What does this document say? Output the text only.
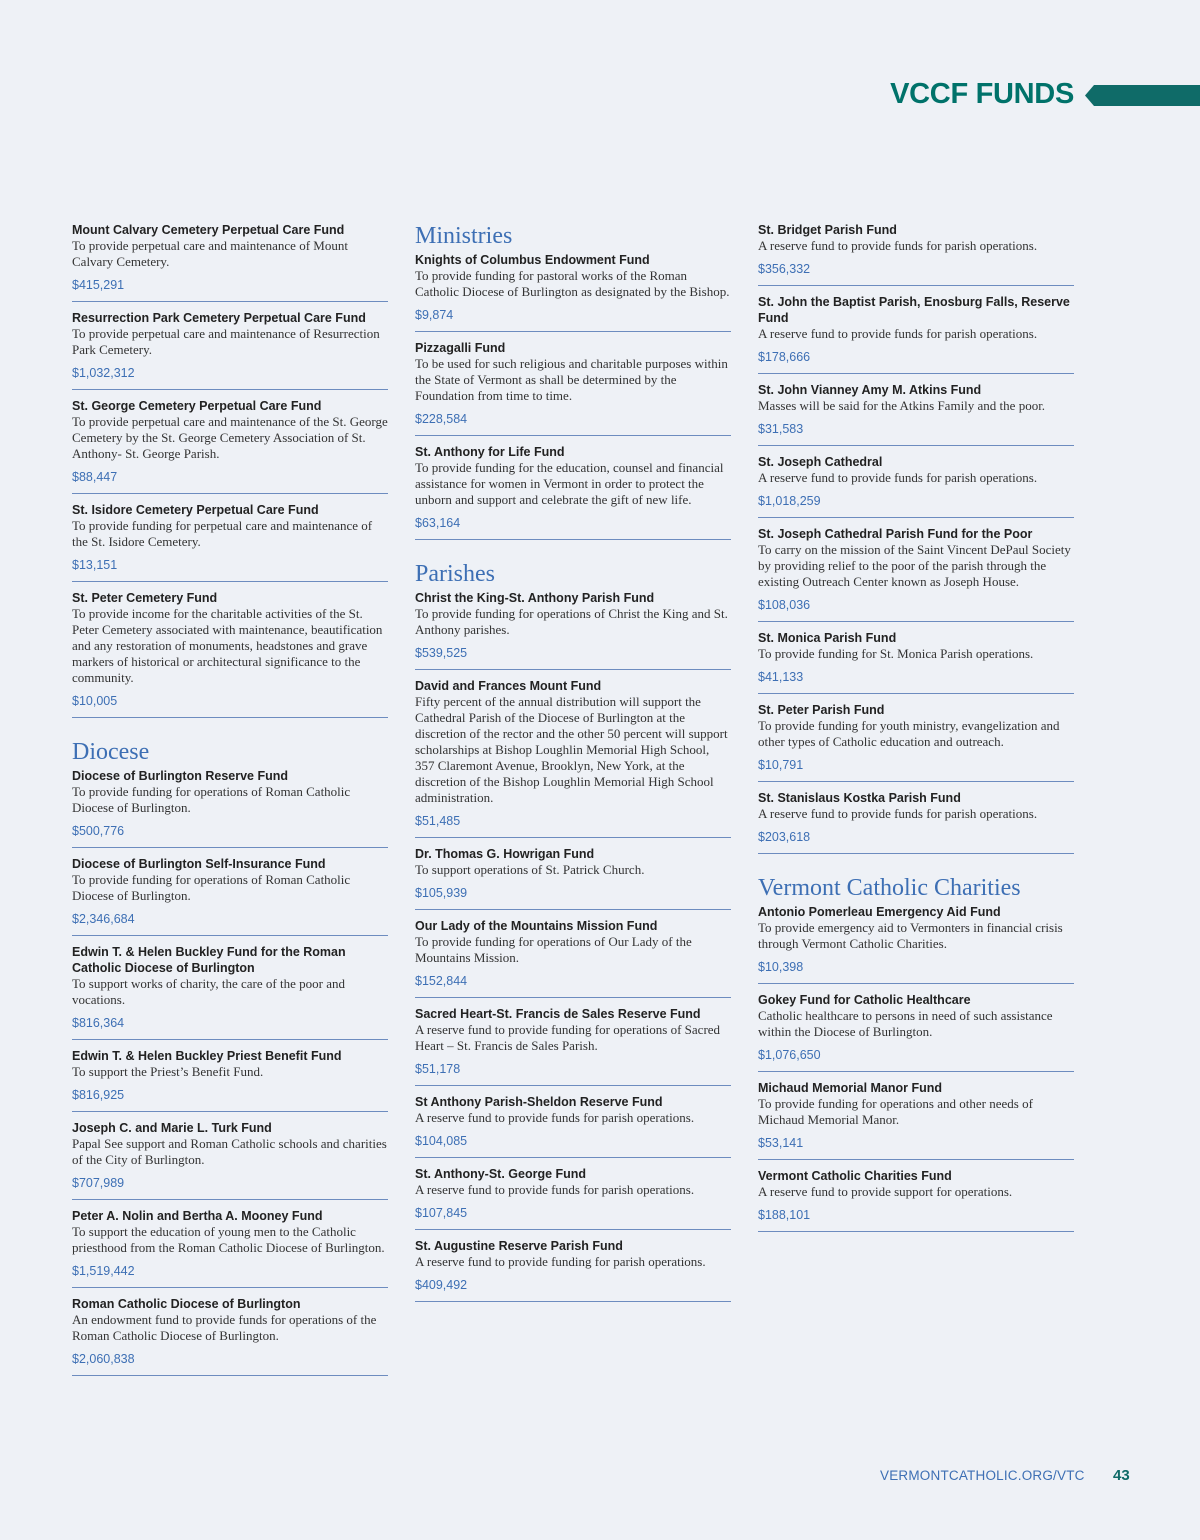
VCCF FUNDS
Mount Calvary Cemetery Perpetual Care Fund
To provide perpetual care and maintenance of Mount Calvary Cemetery.
$415,291
Resurrection Park Cemetery Perpetual Care Fund
To provide perpetual care and maintenance of Resurrection Park Cemetery.
$1,032,312
St. George Cemetery Perpetual Care Fund
To provide perpetual care and maintenance of the St. George Cemetery by the St. George Cemetery Association of St. Anthony- St. George Parish.
$88,447
St. Isidore Cemetery Perpetual Care Fund
To provide funding for perpetual care and maintenance of the St. Isidore Cemetery.
$13,151
St. Peter Cemetery Fund
To provide income for the charitable activities of the St. Peter Cemetery associated with maintenance, beautification and any restoration of monuments, headstones and grave markers of historical or architectural significance to the community.
$10,005
Diocese
Diocese of Burlington Reserve Fund
To provide funding for operations of Roman Catholic Diocese of Burlington.
$500,776
Diocese of Burlington Self-Insurance Fund
To provide funding for operations of Roman Catholic Diocese of Burlington.
$2,346,684
Edwin T. & Helen Buckley Fund for the Roman Catholic Diocese of Burlington
To support works of charity, the care of the poor and vocations.
$816,364
Edwin T. & Helen Buckley Priest Benefit Fund
To support the Priest’s Benefit Fund.
$816,925
Joseph C. and Marie L. Turk Fund
Papal See support and Roman Catholic schools and charities of the City of Burlington.
$707,989
Peter A. Nolin and Bertha A. Mooney Fund
To support the education of young men to the Catholic priesthood from the Roman Catholic Diocese of Burlington.
$1,519,442
Roman Catholic Diocese of Burlington
An endowment fund to provide funds for operations of the Roman Catholic Diocese of Burlington.
$2,060,838
Ministries
Knights of Columbus Endowment Fund
To provide funding for pastoral works of the Roman Catholic Diocese of Burlington as designated by the Bishop.
$9,874
Pizzagalli Fund
To be used for such religious and charitable purposes within the State of Vermont as shall be determined by the Foundation from time to time.
$228,584
St. Anthony for Life Fund
To provide funding for the education, counsel and financial assistance for women in Vermont in order to protect the unborn and support and celebrate the gift of new life.
$63,164
Parishes
Christ the King-St. Anthony Parish Fund
To provide funding for operations of Christ the King and St. Anthony parishes.
$539,525
David and Frances Mount Fund
Fifty percent of the annual distribution will support the Cathedral Parish of the Diocese of Burlington at the discretion of the rector and the other 50 percent will support scholarships at Bishop Loughlin Memorial High School, 357 Claremont Avenue, Brooklyn, New York, at the discretion of the Bishop Loughlin Memorial High School administration.
$51,485
Dr. Thomas G. Howrigan Fund
To support operations of St. Patrick Church.
$105,939
Our Lady of the Mountains Mission Fund
To provide funding for operations of Our Lady of the Mountains Mission.
$152,844
Sacred Heart-St. Francis de Sales Reserve Fund
A reserve fund to provide funding for operations of Sacred Heart – St. Francis de Sales Parish.
$51,178
St Anthony Parish-Sheldon Reserve Fund
A reserve fund to provide funds for parish operations.
$104,085
St. Anthony-St. George Fund
A reserve fund to provide funds for parish operations.
$107,845
St. Augustine Reserve Parish Fund
A reserve fund to provide funding for parish operations.
$409,492
St. Bridget Parish Fund
A reserve fund to provide funds for parish operations.
$356,332
St. John the Baptist Parish, Enosburg Falls, Reserve Fund
A reserve fund to provide funds for parish operations.
$178,666
St. John Vianney Amy M. Atkins Fund
Masses will be said for the Atkins Family and the poor.
$31,583
St. Joseph Cathedral
A reserve fund to provide funds for parish operations.
$1,018,259
St. Joseph Cathedral Parish Fund for the Poor
To carry on the mission of the Saint Vincent DePaul Society by providing relief to the poor of the parish through the existing Outreach Center known as Joseph House.
$108,036
St. Monica Parish Fund
To provide funding for St. Monica Parish operations.
$41,133
St. Peter Parish Fund
To provide funding for youth ministry, evangelization and other types of Catholic education and outreach.
$10,791
St. Stanislaus Kostka Parish Fund
A reserve fund to provide funds for parish operations.
$203,618
Vermont Catholic Charities
Antonio Pomerleau Emergency Aid Fund
To provide emergency aid to Vermonters in financial crisis through Vermont Catholic Charities.
$10,398
Gokey Fund for Catholic Healthcare
Catholic healthcare to persons in need of such assistance within the Diocese of Burlington.
$1,076,650
Michaud Memorial Manor Fund
To provide funding for operations and other needs of Michaud Memorial Manor.
$53,141
Vermont Catholic Charities Fund
A reserve fund to provide support for operations.
$188,101
VERMONTCATHOLIC.ORG/VTC 43
